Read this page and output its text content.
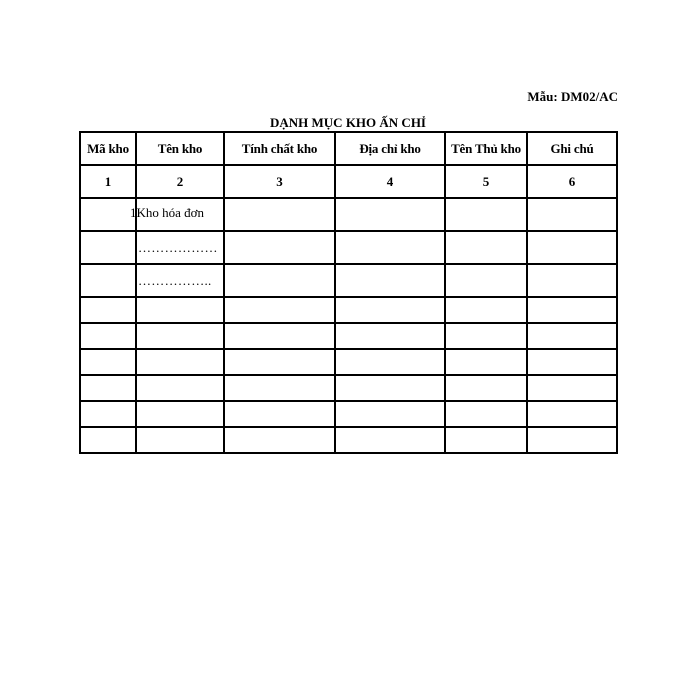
Mẫu: DM02/AC
DẠNH MỤC KHO ẤN CHỈ
Mã kho	Tên kho	Tính chất kho	Địa chỉ kho	Tên Thủ kho	Ghi chú
1	2	3	4	5	6

	1Kho hóa đơn				

	………………				

	……………..				
